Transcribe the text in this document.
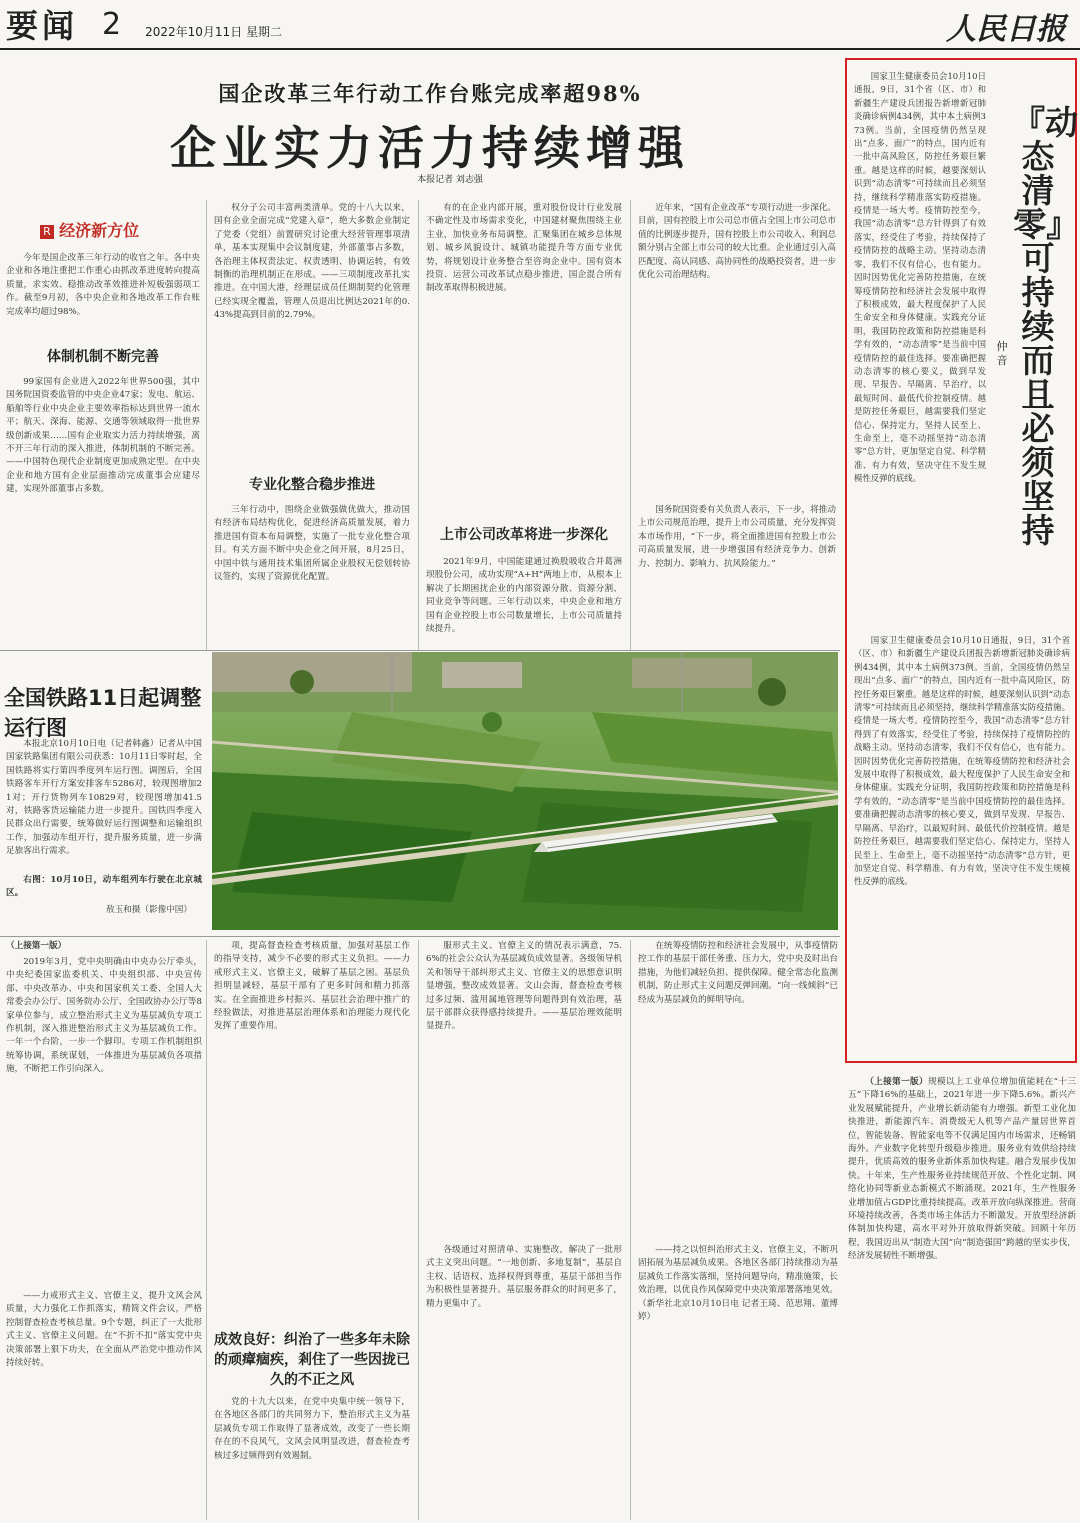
要闻 2 2022年10月11日 星期二	人民日报
国企改革三年行动工作台账完成率超98%
企业实力活力持续增强
本报记者 刘志强
R 经济新方位

今年是国企改革三年行动的收官之年。各中央企业和各地注重把工作重心由抓改革进度转向提高质量，求实效、稳推动改革效推进补短板强弱项工作。截至9月初，各中央企业和各地改革工作台账完成率均超过98%。

体制机制不断完善

99家国有企业进入2022年世界500强，其中国务院国资委监管的中央企业47家；发电、航运、船舶等行业中央企业主要效率指标达到世界一流水平；航天、深海、能源、交通等领域取得一批世界级创新成果……国有企业取实力活力持续增强，离不开三年行动的深入推进，体制机制的不断完善。——中国特色现代企业制度更加成熟定型。在中央企业和地方国有企业层面推动完成董事会应建尽建，实现外部董事占多数。

权分子公司丰富两类清单。党的十八大以来，国有企业全面完成“党建入章”，绝大多数企业制定了党委（党组）前置研究讨论重大经营管理事项清单，基本实现集中会议制度建，外部董事占多数，各治理主体权责法定、权责透明、协调运转，有效制衡的治理机制正在形成。——三项制度改革扎实推进。在中国大港，经理层成员任期制契约化管理已经实现全覆盖，管理人员退出比例达2021年的0.43%提高到目前的2.79%。

专业化整合稳步推进

三年行动中，围绕企业做强做优做大，推动国有经济布局结构优化，促进经济高质量发展，着力推进国有资本布局调整，实施了一批专业化整合项目。有关方面不断中央企业之间开展，8月25日，中国中铁与通用技术集团所属企业股权无偿划转协议签约，实现了资源优化配置。

有的在企业内部开展，重对股份设计行业发展不确定性及市场需求变化，中国建材聚焦围绕主业主业，加快业务布局调整。汇聚集团在城乡总体规划、城乡风貌设计、城镇功能提升等方面专业优势，将规划设计业务整合至咨询企业中。国有资本投资、运营公司改革试点稳步推进，国企混合所有制改革取得积极进展。

上市公司改革将进一步深化

2021年9月，中国能建通过换股吸收合并葛洲坝股份公司，成功实现“A+H”两地上市，从根本上解决了长期困扰企业的内部资源分散、资源分割、同业竞争等问题。三年行动以来，中央企业和地方国有企业控股上市公司数量增长，上市公司质量持续提升。

近年来，“国有企业改革”专项行动进一步深化。目前，国有控股上市公司总市值占全国上市公司总市值的比例逐步提升，国有控股上市公司收入、利润总额分别占全部上市公司的较大比重。企业通过引入高匹配度、高认同感、高协同性的战略投资者，进一步优化公司治理结构。

国务院国资委有关负责人表示，下一步，将推动上市公司规范治理，提升上市公司质量，充分发挥资本市场作用，“下一步，将全面推进国有控股上市公司高质量发展，进一步增强国有经济竞争力、创新力、控制力、影响力、抗风险能力。”

全国铁路11日起调整运行图

本报北京10月10日电（记者韩鑫）记者从中国国家铁路集团有限公司获悉：10月11日零时起，全国铁路将实行第四季度列车运行图。调图后，全国铁路客车开行方案安排客车5286对，较现图增加21对；开行货物列车10829对，较现图增加41.5对，铁路客货运输能力进一步提升。国铁四季度入民群众出行需要，统筹做好运行图调整和运输组织工作，加强动车组开行，提升服务质量，进一步满足旅客出行需求。

右图：10月10日，动车组列车行驶在北京城区。

敖玉和摄（影像中国）
（上接第一版）

2019年3月，党中央明确由中央办公厅牵头，中央纪委国家监委机关、中央组织部、中央宣传部、中央改革办、中央和国家机关工委、全国人大常委会办公厅、国务院办公厅、全国政协办公厅等8家单位参与，成立整治形式主义为基层减负专项工作机制，深入推进整治形式主义为基层减负工作。一年一个台阶，一步一个脚印。专项工作机制组织统筹协调，系统谋划，一体推进为基层减负各项措施，不断把工作引向深入。

——力戒形式主义、官僚主义，提升文风会风质量，大力强化工作抓落实，精简文件会议，严格控制督查检查考核总量。9个专题，纠正了一大批形式主义、官僚主义问题。在“不折不扣”落实党中央决策部署上狠下功夫，在全面从严治党中推动作风持续好转。

项，提高督查检查考核质量，加强对基层工作的指导支持，减少不必要的形式主义负担。——力戒形式主义、官僚主义，破解了基层之困。基层负担明显减轻，基层干部有了更多时间和精力抓落实。在全面推进乡村振兴、基层社会治理中推广的经验做法，对推进基层治理体系和治理能力现代化发挥了重要作用。

成效良好：纠治了一些多年未除的顽瘴痼疾，剎住了一些因拢已久的不正之风

党的十九大以来，在党中央集中统一领导下，在各地区各部门的共同努力下，整治形式主义为基层减负专项工作取得了显著成效，改变了一些长期存在的不良风气，文风会风明显改进，督查检查考核过多过频得到有效遏制。

服形式主义、官僚主义的情况表示满意，75.6%的社会公众认为基层减负成效显著。各级领导机关和领导干部纠形式主义、官僚主义的思想意识明显增强，整改成效显著。文山会海，督查检查考核过多过频、滥用属地管理等问题得到有效治理，基层干部群众获得感持续提升。——基层治理效能明显提升。

各级通过对照清单、实施整改，解决了一批形式主义突出问题。“一地创新、多地复制”，基层自主权、话语权、选择权得到尊重，基层干部担当作为积极性显著提升。基层服务群众的时间更多了，精力更集中了。

在统筹疫情防控和经济社会发展中，从事疫情防控工作的基层干部任务重、压力大，党中央及时出台措施，为他们减轻负担、提供保障。健全常态化监测机制，防止形式主义问题反弹回潮。“向一线倾斜”已经成为基层减负的鲜明导向。

——持之以恒纠治形式主义、官僚主义，不断巩固拓展为基层减负成果。各地区各部门持续推动为基层减负工作落实落细，坚持问题导向，精准施策，长效治理，以优良作风保障党中央决策部署落地见效。（新华社北京10月10日电 记者王琦、范思翔、董博婷）

『动态清零』可持续而且必须坚持
仲音

国家卫生健康委员会10月10日通报，9日，31个省（区、市）和新疆生产建设兵团报告新增新冠肺炎确诊病例434例，其中本土病例373例。当前，全国疫情仍然呈现出“点多、面广”的特点，国内近有一批中高风险区，防控任务艰巨繁重。越是这样的时候，越要深刻认识到“动态清零”可持续而且必须坚持，继续科学精准落实防疫措施。疫情是一场大考。疫情防控至今，我国“动态清零”总方针得到了有效落实，经受住了考验，持续保持了疫情防控的战略主动。坚持动态清零，我们不仅有信心，也有能力。因时因势优化完善防控措施，在统筹疫情防控和经济社会发展中取得了积极成效，最大程度保护了人民生命安全和身体健康。实践充分证明，我国防控政策和防控措施是科学有效的，“动态清零”是当前中国疫情防控的最佳选择。要准确把握动态清零的核心要义，做到早发现、早报告、早隔离、早治疗，以最短时间、最低代价控制疫情。越是防控任务艰巨，越需要我们坚定信心、保持定力，坚持人民至上、生命至上，毫不动摇坚持“动态清零”总方针，更加坚定自觉、科学精准、有力有效，坚决守住不发生规模性反弹的底线。

国家卫生健康委员会10月10日通报，9日，31个省（区、市）和新疆生产建设兵团报告新增新冠肺炎确诊病例434例，其中本土病例373例。当前，全国疫情仍然呈现出“点多、面广”的特点，国内近有一批中高风险区，防控任务艰巨繁重。越是这样的时候，越要深刻认识到“动态清零”可持续而且必须坚持，继续科学精准落实防疫措施。疫情是一场大考。疫情防控至今，我国“动态清零”总方针得到了有效落实，经受住了考验，持续保持了疫情防控的战略主动。坚持动态清零，我们不仅有信心，也有能力。因时因势优化完善防控措施，在统筹疫情防控和经济社会发展中取得了积极成效，最大程度保护了人民生命安全和身体健康。实践充分证明，我国防控政策和防控措施是科学有效的，“动态清零”是当前中国疫情防控的最佳选择。要准确把握动态清零的核心要义，做到早发现、早报告、早隔离、早治疗，以最短时间、最低代价控制疫情。越是防控任务艰巨，越需要我们坚定信心、保持定力，坚持人民至上、生命至上，毫不动摇坚持“动态清零”总方针，更加坚定自觉、科学精准、有力有效，坚决守住不发生规模性反弹的底线。

（上接第一版）规模以上工业单位增加值能耗在“十三五”下降16%的基础上，2021年进一步下降5.6%。新兴产业发展赋能提升，产业增长新动能有力增强。新型工业化加快推进，新能源汽车、消费级无人机等产品产量居世界首位，智能装备、智能家电等不仅满足国内市场需求，还畅销海外。产业数字化转型升级稳步推进。服务业有效供给持续提升，优质高效的服务业新体系加快构建。融合发展步伐加快。十年来，生产性服务业持续规范开放、个性化定制、网络化协同等新业态新模式不断涌现。2021年，生产性服务业增加值占GDP比重持续提高。改革开放向纵深推进。营商环境持续改善，各类市场主体活力不断激发。开放型经济新体制加快构建，高水平对外开放取得新突破。回顾十年历程，我国迈出从“制造大国”向“制造强国”跨越的坚实步伐，经济发展韧性不断增强。
